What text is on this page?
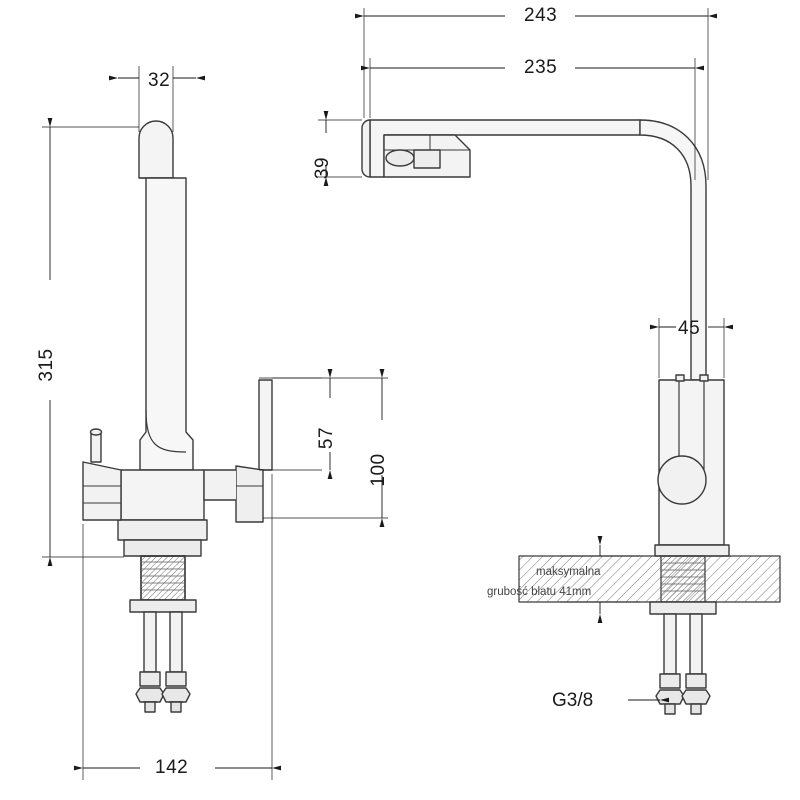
32
315
142
57
100
243
235
39
45
maksymalna
grubość blatu 41mm
G3/8
